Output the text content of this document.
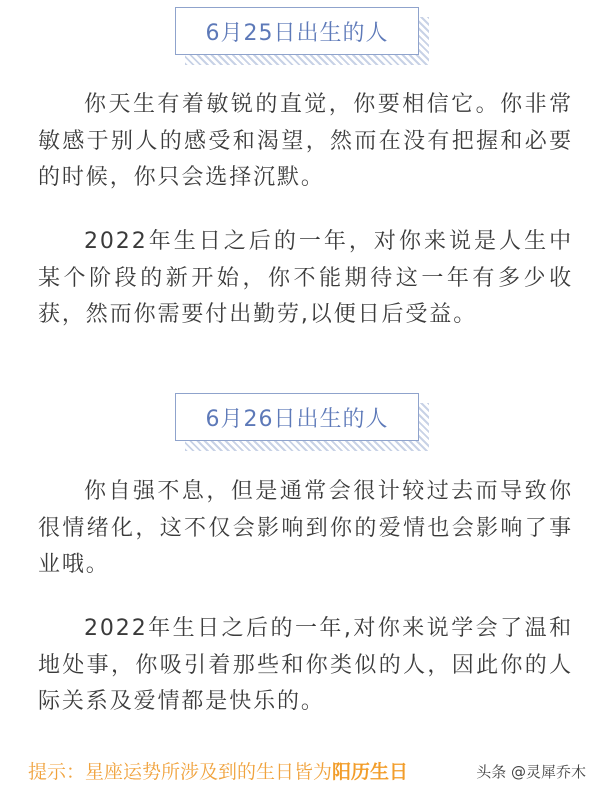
6月25日出生的人

你天生有着敏锐的直觉，你要相信它。你非常敏感于别人的感受和渴望，然而在没有把握和必要的时候，你只会选择沉默。

2022年生日之后的一年，对你来说是人生中某个阶段的新开始，你不能期待这一年有多少收获，然而你需要付出勤劳,以便日后受益。

6月26日出生的人

你自强不息，但是通常会很计较过去而导致你很情绪化，这不仅会影响到你的爱情也会影响了事业哦。

2022年生日之后的一年,对你来说学会了温和地处事，你吸引着那些和你类似的人，因此你的人际关系及爱情都是快乐的。

提示：星座运势所涉及到的生日皆为阳历生日	头条 @灵犀乔木
